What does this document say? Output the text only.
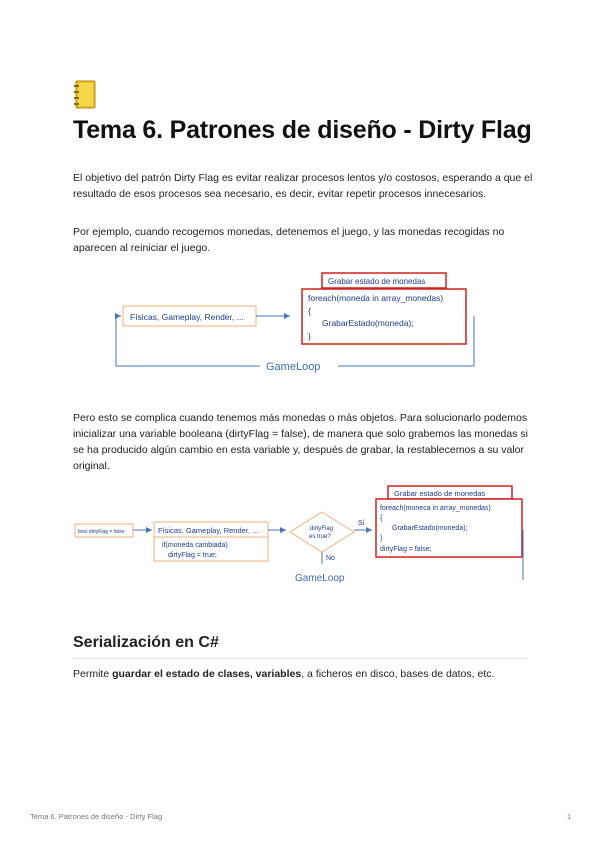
Tema 6. Patrones de diseño - Dirty Flag

El objetivo del patrón Dirty Flag es evitar realizar procesos lentos y/o costosos, esperando a que el resultado de esos procesos sea necesario, es decir, evitar repetir procesos innecesarios.

Por ejemplo, cuando recogemos monedas, detenemos el juego, y las monedas recogidas no aparecen al reiniciar el juego.

Físicas, Gameplay, Render, ...
Grabar estado de monedas
foreach(moneda in array_monedas)
{
GrabarEstado(moneda);
}
GameLoop

Pero esto se complica cuando tenemos más monedas o más objetos. Para solucionarlo podemos inicializar una variable booleana (dirtyFlag = false), de manera que solo grabemos las monedas si se ha producido algún cambio en esta variable y, después de grabar, la restablecemos a su valor original.

bool dirtyFlag = false;	Físicas, Gameplay, Render, ...
if(moneda cambiada)
dirtyFlag = true;
dirtyFlag
es true?
Sí
No
Grabar estado de monedas
foreach(moneca in array_monedas)
{
GrabarEstado(moneda);
}
dirtyFlag = false;
GameLoop
Serialización en C#

Permite guardar el estado de clases, variables, a ficheros en disco, bases de datos, etc.

Tema 6. Patrones de diseño - Dirty Flag	1
